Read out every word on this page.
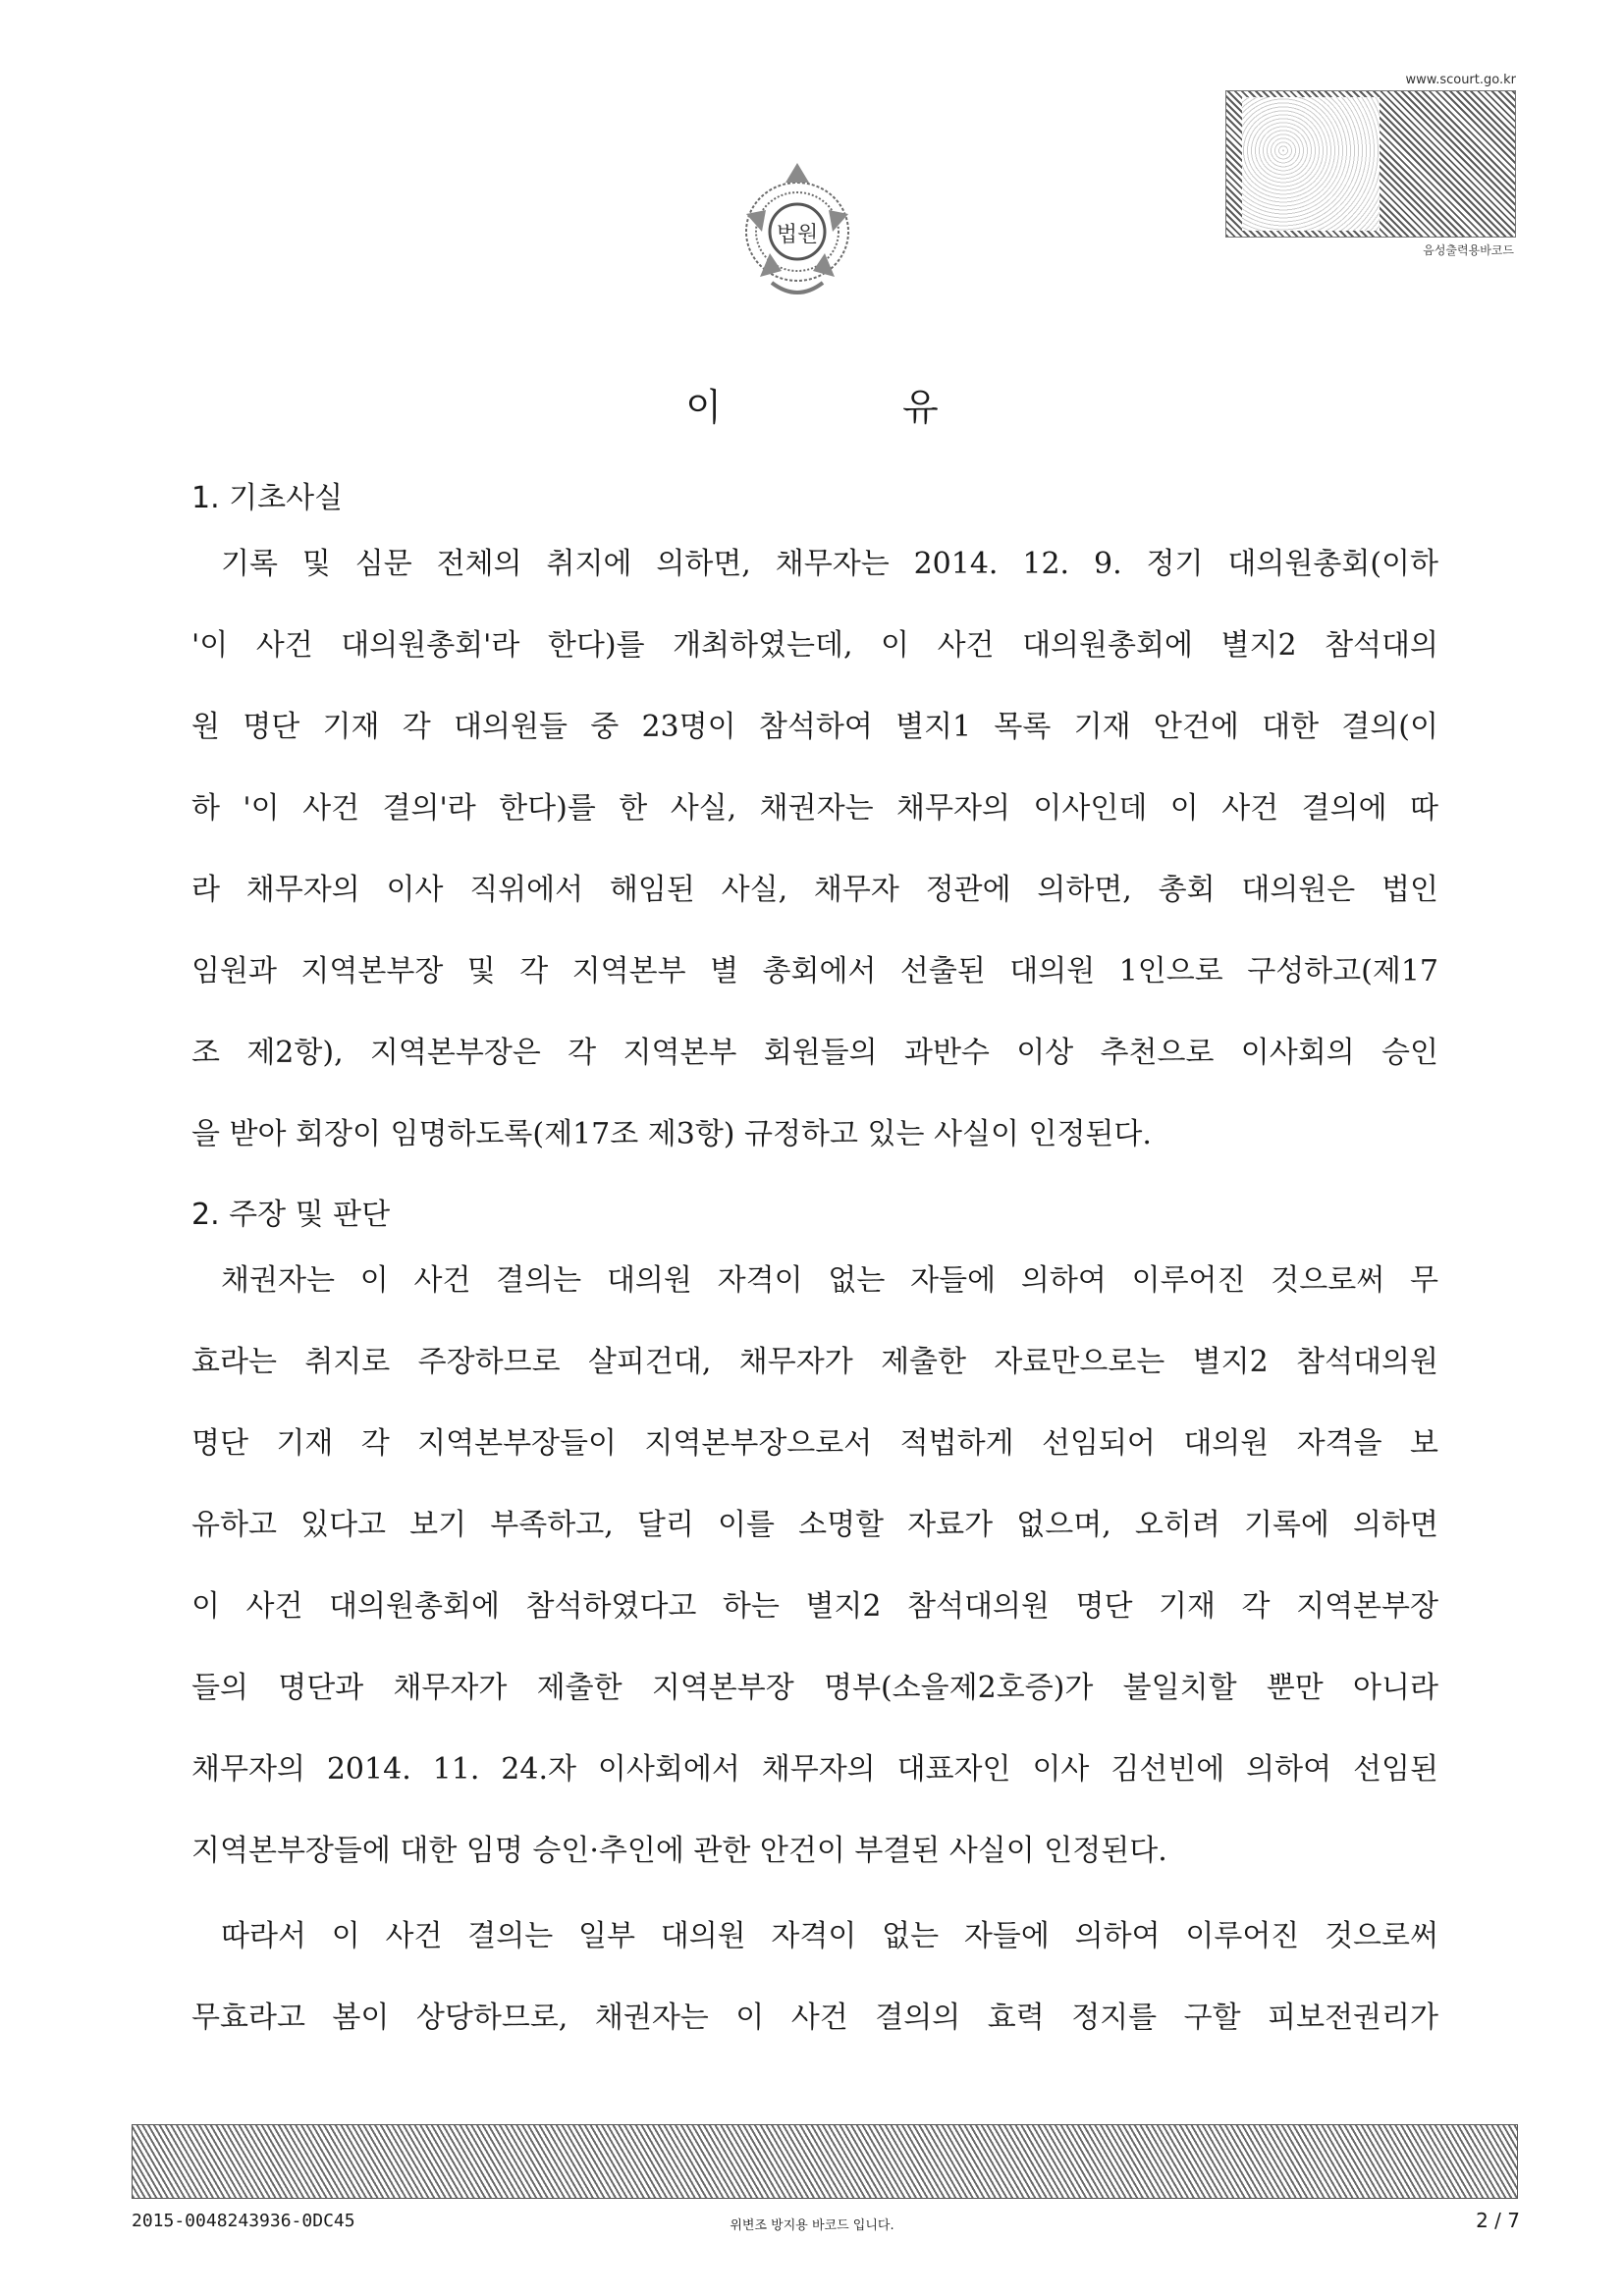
법원
www.scourt.go.kr
음성출력용바코드
이 유
1. 기초사실
기록 및 심문 전체의 취지에 의하면, 채무자는 2014. 12. 9. 정기 대의원총회(이하
'이 사건 대의원총회'라 한다)를 개최하였는데, 이 사건 대의원총회에 별지2 참석대의
원 명단 기재 각 대의원들 중 23명이 참석하여 별지1 목록 기재 안건에 대한 결의(이
하 '이 사건 결의'라 한다)를 한 사실, 채권자는 채무자의 이사인데 이 사건 결의에 따
라 채무자의 이사 직위에서 해임된 사실, 채무자 정관에 의하면, 총회 대의원은 법인
임원과 지역본부장 및 각 지역본부 별 총회에서 선출된 대의원 1인으로 구성하고(제17
조 제2항), 지역본부장은 각 지역본부 회원들의 과반수 이상 추천으로 이사회의 승인
을 받아 회장이 임명하도록(제17조 제3항) 규정하고 있는 사실이 인정된다.
2. 주장 및 판단
채권자는 이 사건 결의는 대의원 자격이 없는 자들에 의하여 이루어진 것으로써 무
효라는 취지로 주장하므로 살피건대, 채무자가 제출한 자료만으로는 별지2 참석대의원
명단 기재 각 지역본부장들이 지역본부장으로서 적법하게 선임되어 대의원 자격을 보
유하고 있다고 보기 부족하고, 달리 이를 소명할 자료가 없으며, 오히려 기록에 의하면
이 사건 대의원총회에 참석하였다고 하는 별지2 참석대의원 명단 기재 각 지역본부장
들의 명단과 채무자가 제출한 지역본부장 명부(소을제2호증)가 불일치할 뿐만 아니라
채무자의 2014. 11. 24.자 이사회에서 채무자의 대표자인 이사 김선빈에 의하여 선임된
지역본부장들에 대한 임명 승인·추인에 관한 안건이 부결된 사실이 인정된다.
따라서 이 사건 결의는 일부 대의원 자격이 없는 자들에 의하여 이루어진 것으로써
무효라고 봄이 상당하므로, 채권자는 이 사건 결의의 효력 정지를 구할 피보전권리가
2015-0048243936-0DC45	위변조 방지용 바코드 입니다.	2 / 7
